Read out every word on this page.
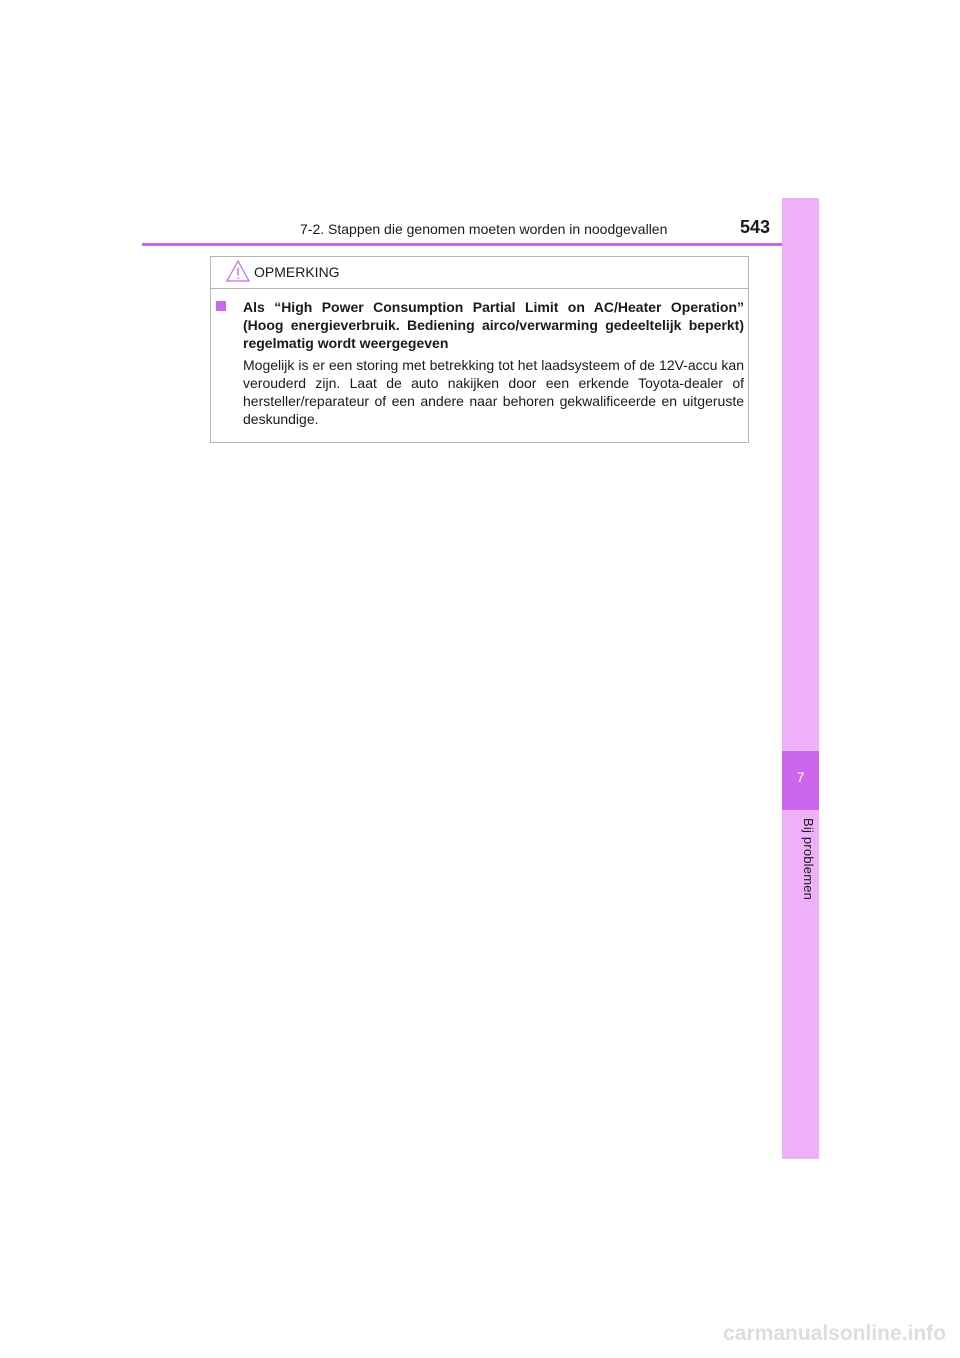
7-2. Stappen die genomen moeten worden in noodgevallen	543
7
Bij problemen
OPMERKING
Als “High Power Consumption Partial Limit on AC/Heater Operation” (Hoog energieverbruik. Bediening airco/verwarming gedeeltelijk beperkt) regelmatig wordt weergegeven
Mogelijk is er een storing met betrekking tot het laadsysteem of de 12V-accu kan verouderd zijn. Laat de auto nakijken door een erkende Toyota-dealer of hersteller/reparateur of een andere naar behoren gekwalificeerde en uitgeruste deskundige.
carmanualsonline.info
